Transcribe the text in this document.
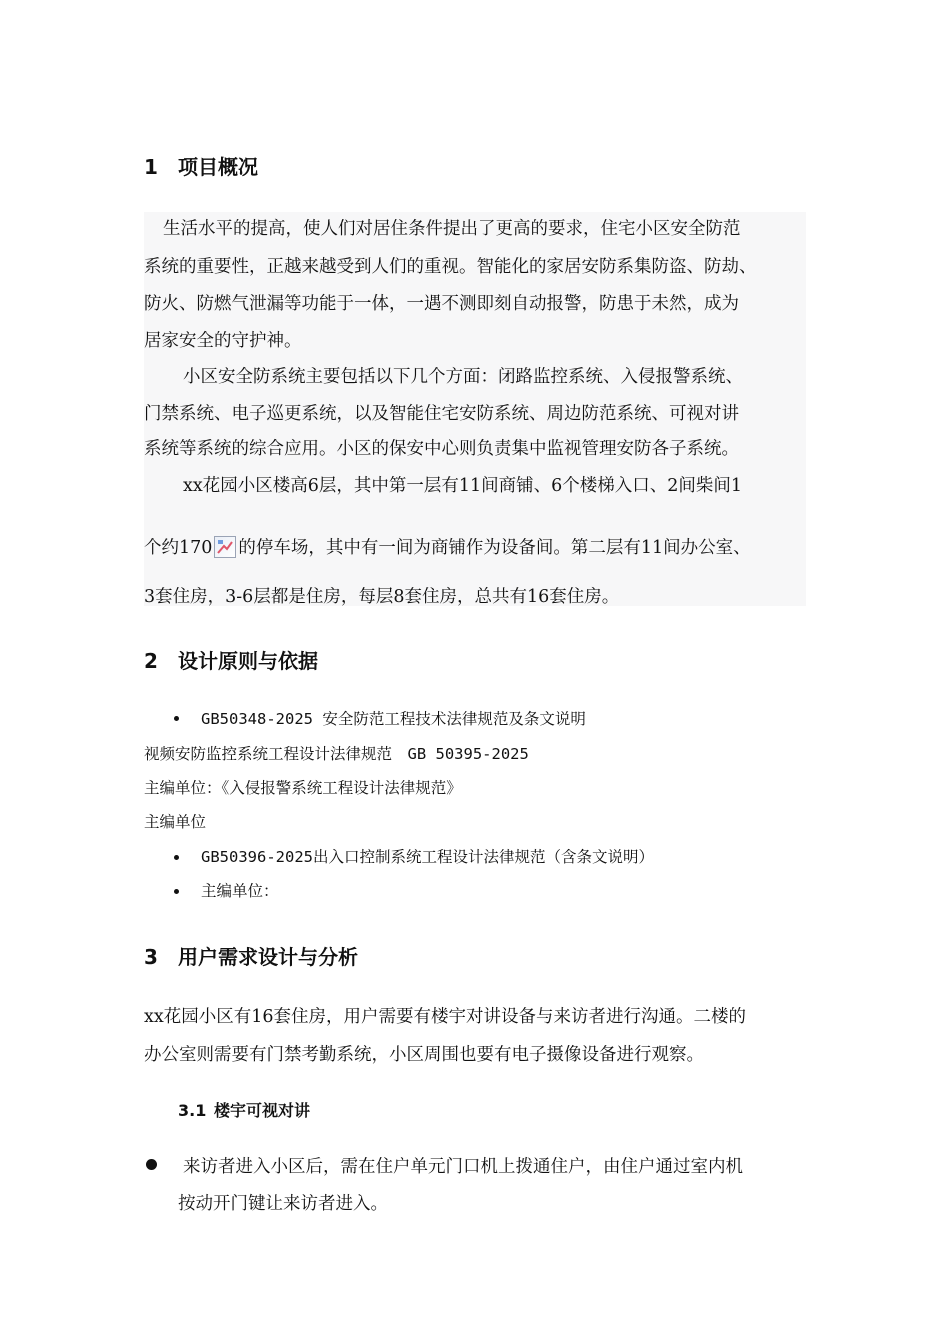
1 项目概况
生活水平的提高，使人们对居住条件提出了更高的要求，住宅小区安全防范
系统的重要性，正越来越受到人们的重视。智能化的家居安防系集防盗、防劫、
防火、防燃气泄漏等功能于一体，一遇不测即刻自动报警，防患于未然，成为
居家安全的守护神。
小区安全防系统主要包括以下几个方面：闭路监控系统、入侵报警系统、
门禁系统、电子巡更系统，以及智能住宅安防系统、周边防范系统、可视对讲
系统等系统的综合应用。小区的保安中心则负责集中监视管理安防各子系统。
xx花园小区楼高6层，其中第一层有11间商铺、6个楼梯入口、2间柴间1
个约170 的停车场，其中有一间为商铺作为设备间。第二层有11间办公室、
3套住房，3-6层都是住房，每层8套住房，总共有16套住房。
2 设计原则与依据
GB50348-2025 安全防范工程技术法律规范及条文说明
视频安防监控系统工程设计法律规范　GB 50395-2025
主编单位：《入侵报警系统工程设计法律规范》
主编单位
GB50396-2025出入口控制系统工程设计法律规范（含条文说明）
主编单位：
3 用户需求设计与分析
xx花园小区有16套住房，用户需要有楼宇对讲设备与来访者进行沟通。二楼的
办公室则需要有门禁考勤系统，小区周围也要有电子摄像设备进行观察。
3.1 楼宇可视对讲
来访者进入小区后，需在住户单元门口机上拨通住户，由住户通过室内机
按动开门键让来访者进入。
